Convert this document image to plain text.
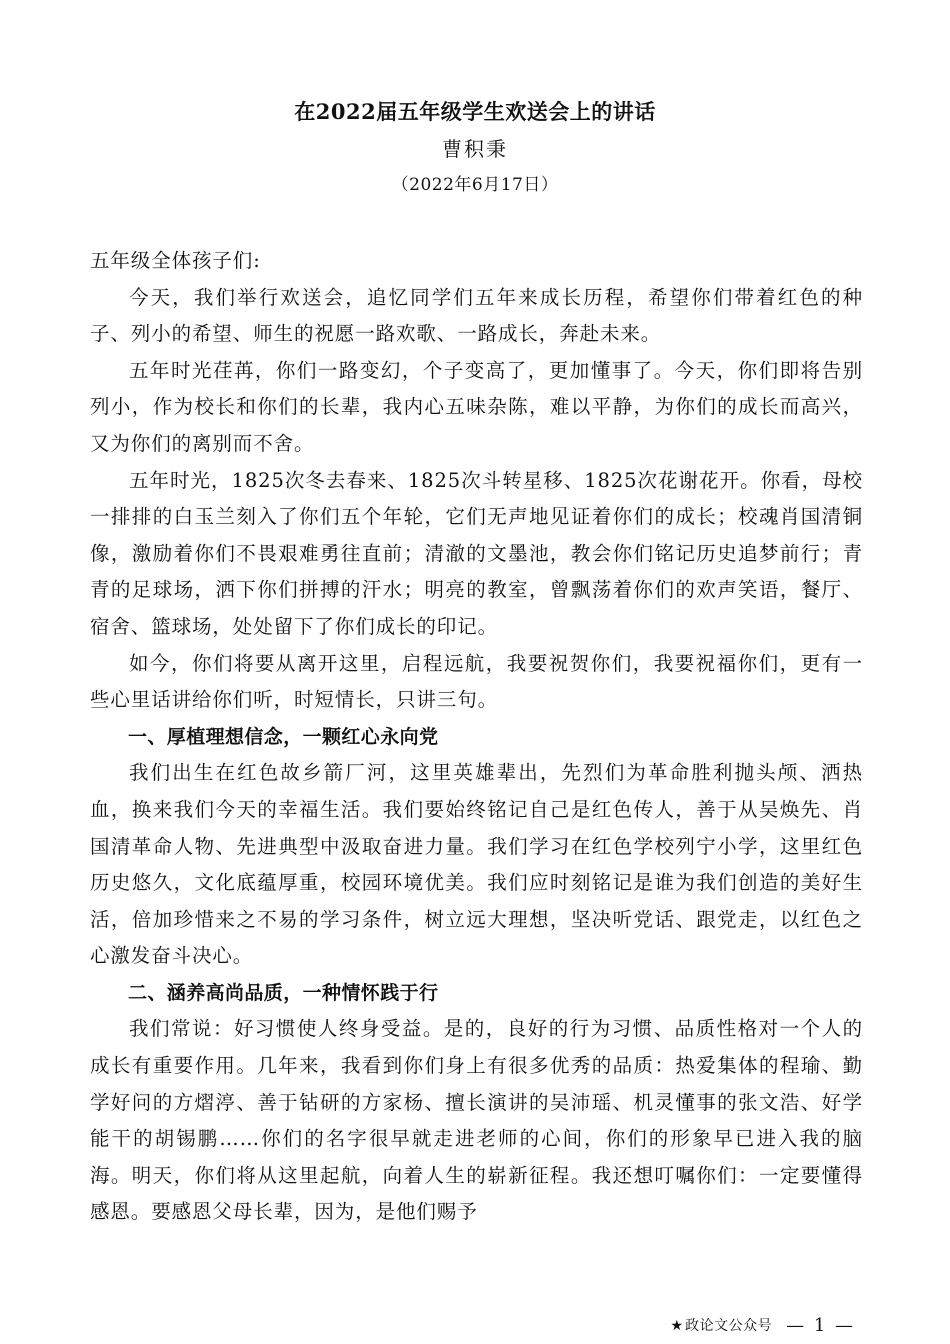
在2022届五年级学生欢送会上的讲话
曹积秉
（2022年6月17日）

五年级全体孩子们:

今天，我们举行欢送会，追忆同学们五年来成长历程，希望你们带着红色的种子、列小的希望、师生的祝愿一路欢歌、一路成长，奔赴未来。

五年时光荏苒，你们一路变幻，个子变高了，更加懂事了。今天，你们即将告别列小，作为校长和你们的长辈，我内心五味杂陈，难以平静，为你们的成长而高兴，又为你们的离别而不舍。

五年时光，1825次冬去春来、1825次斗转星移、1825次花谢花开。你看，母校一排排的白玉兰刻入了你们五个年轮，它们无声地见证着你们的成长；校魂肖国清铜像，激励着你们不畏艰难勇往直前；清澈的文墨池，教会你们铭记历史追梦前行；青青的足球场，洒下你们拼搏的汗水；明亮的教室，曾飘荡着你们的欢声笑语，餐厅、宿舍、篮球场，处处留下了你们成长的印记。

如今，你们将要从离开这里，启程远航，我要祝贺你们，我要祝福你们，更有一些心里话讲给你们听，时短情长，只讲三句。

一、厚植理想信念，一颗红心永向党

我们出生在红色故乡箭厂河，这里英雄辈出，先烈们为革命胜利抛头颅、洒热血，换来我们今天的幸福生活。我们要始终铭记自己是红色传人，善于从吴焕先、肖国清革命人物、先进典型中汲取奋进力量。我们学习在红色学校列宁小学，这里红色历史悠久，文化底蕴厚重，校园环境优美。我们应时刻铭记是谁为我们创造的美好生活，倍加珍惜来之不易的学习条件，树立远大理想，坚决听党话、跟党走，以红色之心激发奋斗决心。

二、涵养高尚品质，一种情怀践于行

我们常说：好习惯使人终身受益。是的，良好的行为习惯、品质性格对一个人的成长有重要作用。几年来，我看到你们身上有很多优秀的品质：热爱集体的程瑜、勤学好问的方熠渟、善于钻研的方家杨、擅长演讲的吴沛瑶、机灵懂事的张文浩、好学能干的胡锡鹏……你们的名字很早就走进老师的心间，你们的形象早已进入我的脑海。明天，你们将从这里起航，向着人生的崭新征程。我还想叮嘱你们：一定要懂得感恩。要感恩父母长辈，因为，是他们赐予

★ 政论文公众号 — 1 —
